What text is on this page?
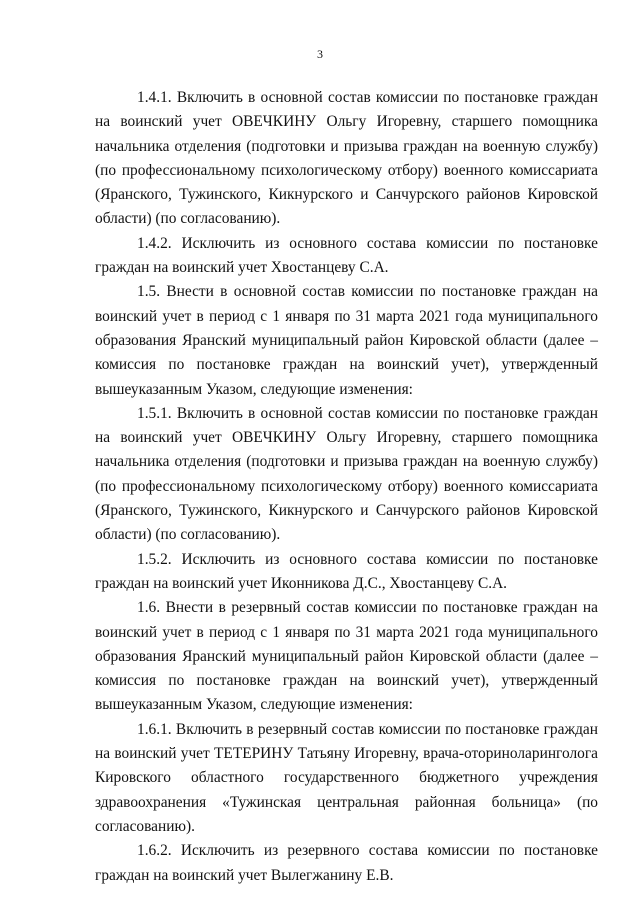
3

1.4.1. Включить в основной состав комиссии по постановке граждан на воинский учет ОВЕЧКИНУ Ольгу Игоревну, старшего помощника начальника отделения (подготовки и призыва граждан на военную службу) (по профессиональному психологическому отбору) военного комиссариата (Яранского, Тужинского, Кикнурского и Санчурского районов Кировской области) (по согласованию).

1.4.2. Исключить из основного состава комиссии по постановке граждан на воинский учет Хвостанцеву С.А.

1.5. Внести в основной состав комиссии по постановке граждан на воинский учет в период с 1 января по 31 марта 2021 года муниципального образования Яранский муниципальный район Кировской области (далее – комиссия по постановке граждан на воинский учет), утвержденный вышеуказанным Указом, следующие изменения:

1.5.1. Включить в основной состав комиссии по постановке граждан на воинский учет ОВЕЧКИНУ Ольгу Игоревну, старшего помощника начальника отделения (подготовки и призыва граждан на военную службу) (по профессиональному психологическому отбору) военного комиссариата (Яранского, Тужинского, Кикнурского и Санчурского районов Кировской области) (по согласованию).

1.5.2. Исключить из основного состава комиссии по постановке граждан на воинский учет Иконникова Д.С., Хвостанцеву С.А.

1.6. Внести в резервный состав комиссии по постановке граждан на воинский учет в период с 1 января по 31 марта 2021 года муниципального образования Яранский муниципальный район Кировской области (далее – комиссия по постановке граждан на воинский учет), утвержденный вышеуказанным Указом, следующие изменения:

1.6.1. Включить в резервный состав комиссии по постановке граждан на воинский учет ТЕТЕРИНУ Татьяну Игоревну, врача-оториноларинголога Кировского областного государственного бюджетного учреждения здравоохранения «Тужинская центральная районная больница» (по согласованию).

1.6.2. Исключить из резервного состава комиссии по постановке граждан на воинский учет Вылегжанину Е.В.
